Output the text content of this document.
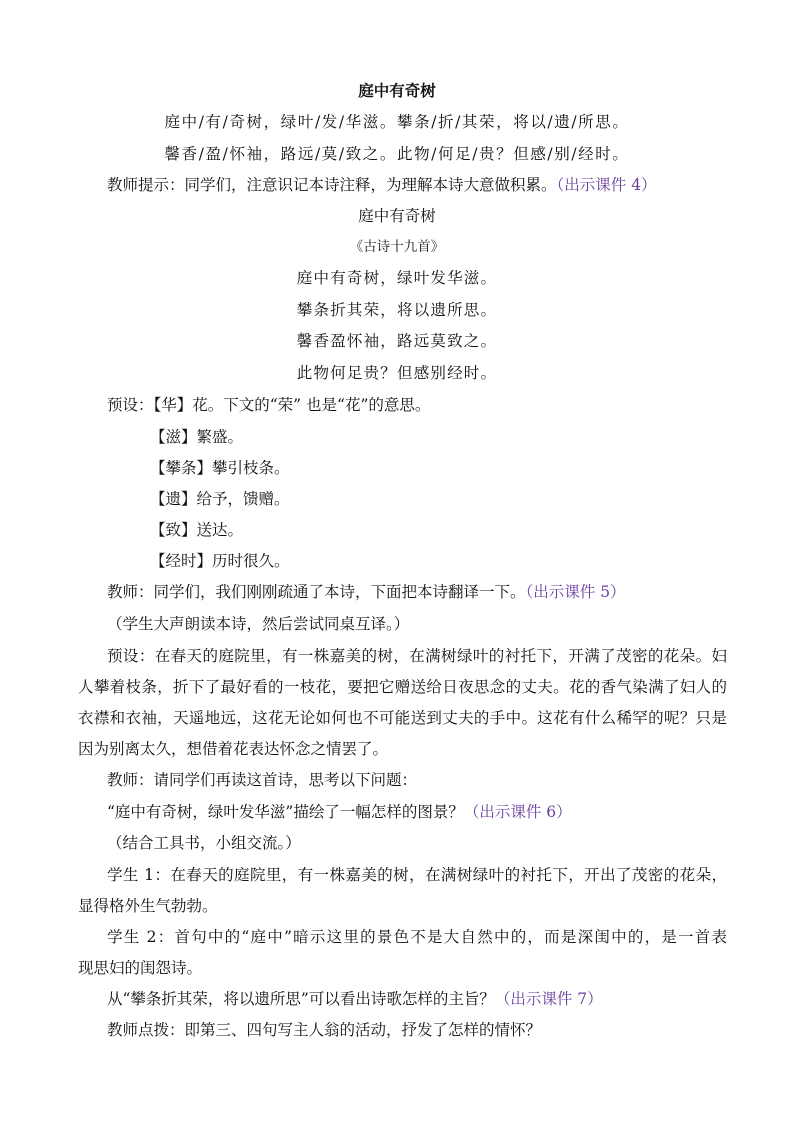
庭中有奇树
庭中/有/奇树，绿叶/发/华滋。攀条/折/其荣，将以/遗/所思。
馨香/盈/怀袖，路远/莫/致之。此物/何足/贵？但感/别/经时。
教师提示：同学们，注意识记本诗注释，为理解本诗大意做积累。（出示课件 4）
庭中有奇树
《古诗十九首》
庭中有奇树，绿叶发华滋。
攀条折其荣，将以遗所思。
馨香盈怀袖，路远莫致之。
此物何足贵？但感别经时。
预设：【华】花。下文的“荣” 也是“花”的意思。
【滋】繁盛。
【攀条】攀引枝条。
【遗】给予，馈赠。
【致】送达。
【经时】历时很久。
教师：同学们，我们刚刚疏通了本诗，下面把本诗翻译一下。（出示课件 5）
（学生大声朗读本诗，然后尝试同桌互译。）
预设：在春天的庭院里，有一株嘉美的树，在满树绿叶的衬托下，开满了茂密的花朵。妇
人攀着枝条，折下了最好看的一枝花，要把它赠送给日夜思念的丈夫。花的香气染满了妇人的
衣襟和衣袖，天遥地远，这花无论如何也不可能送到丈夫的手中。这花有什么稀罕的呢？只是
因为别离太久，想借着花表达怀念之情罢了。
教师：请同学们再读这首诗，思考以下问题：
“庭中有奇树，绿叶发华滋”描绘了一幅怎样的图景？（出示课件 6）
（结合工具书，小组交流。）
学生 1：在春天的庭院里，有一株嘉美的树，在满树绿叶的衬托下，开出了茂密的花朵，
显得格外生气勃勃。
学生 2：首句中的“庭中”暗示这里的景色不是大自然中的，而是深闺中的，是一首表
现思妇的闺怨诗。
从“攀条折其荣，将以遗所思”可以看出诗歌怎样的主旨？（出示课件 7）
教师点拨：即第三、四句写主人翁的活动，抒发了怎样的情怀？
